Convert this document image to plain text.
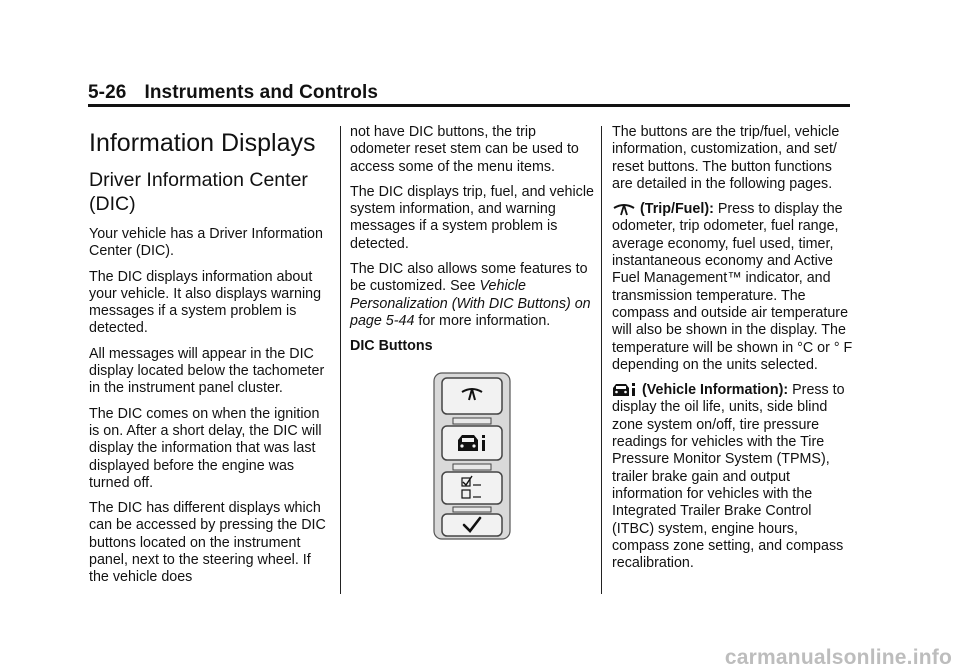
5-26 Instruments and Controls
Information Displays
Driver Information Center (DIC)

Your vehicle has a Driver Information Center (DIC).

The DIC displays information about your vehicle. It also displays warning messages if a system problem is detected.

All messages will appear in the DIC display located below the tachometer in the instrument panel cluster.

The DIC comes on when the ignition is on. After a short delay, the DIC will display the information that was last displayed before the engine was turned off.

The DIC has different displays which can be accessed by pressing the DIC buttons located on the instrument panel, next to the steering wheel. If the vehicle does

not have DIC buttons, the trip odometer reset stem can be used to access some of the menu items.

The DIC displays trip, fuel, and vehicle system information, and warning messages if a system problem is detected.

The DIC also allows some features to be customized. See Vehicle Personalization (With DIC Buttons) on page 5-44 for more information.

DIC Buttons

The buttons are the trip/fuel, vehicle information, customization, and set/ reset buttons. The button functions are detailed in the following pages.

(Trip/Fuel): Press to display the odometer, trip odometer, fuel range, average economy, fuel used, timer, instantaneous economy and Active Fuel Management™ indicator, and transmission temperature. The compass and outside air temperature will also be shown in the display. The temperature will be shown in °C or ° F depending on the units selected.

(Vehicle Information): Press to display the oil life, units, side blind zone system on/off, tire pressure readings for vehicles with the Tire Pressure Monitor System (TPMS), trailer brake gain and output information for vehicles with the Integrated Trailer Brake Control (ITBC) system, engine hours, compass zone setting, and compass recalibration.

carmanualsonline.info
